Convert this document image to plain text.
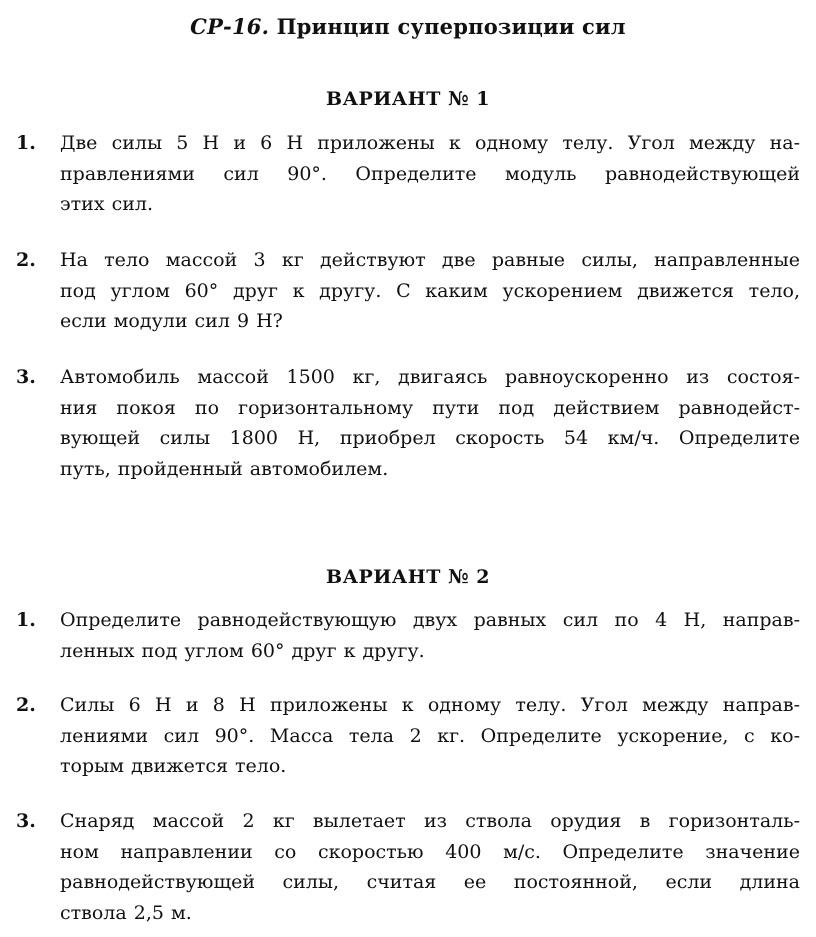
СР-16. Принцип суперпозиции сил
ВАРИАНТ № 1
1.	Две силы 5 Н и 6 Н приложены к одному телу. Угол между на-
правлениями сил 90°. Определите модуль равнодействующей
этих сил.
2.	На тело массой 3 кг действуют две равные силы, направленные
под углом 60° друг к другу. С каким ускорением движется тело,
если модули сил 9 Н?
3.	Автомобиль массой 1500 кг, двигаясь равноускоренно из состоя-
ния покоя по горизонтальному пути под действием равнодейст-
вующей силы 1800 Н, приобрел скорость 54 км/ч. Определите
путь, пройденный автомобилем.
ВАРИАНТ № 2
1.	Определите равнодействующую двух равных сил по 4 Н, направ-
ленных под углом 60° друг к другу.
2.	Силы 6 Н и 8 Н приложены к одному телу. Угол между направ-
лениями сил 90°. Масса тела 2 кг. Определите ускорение, с ко-
торым движется тело.
3.	Снаряд массой 2 кг вылетает из ствола орудия в горизонталь-
ном направлении со скоростью 400 м/с. Определите значение
равнодействующей силы, считая ее постоянной, если длина
ствола 2,5 м.
